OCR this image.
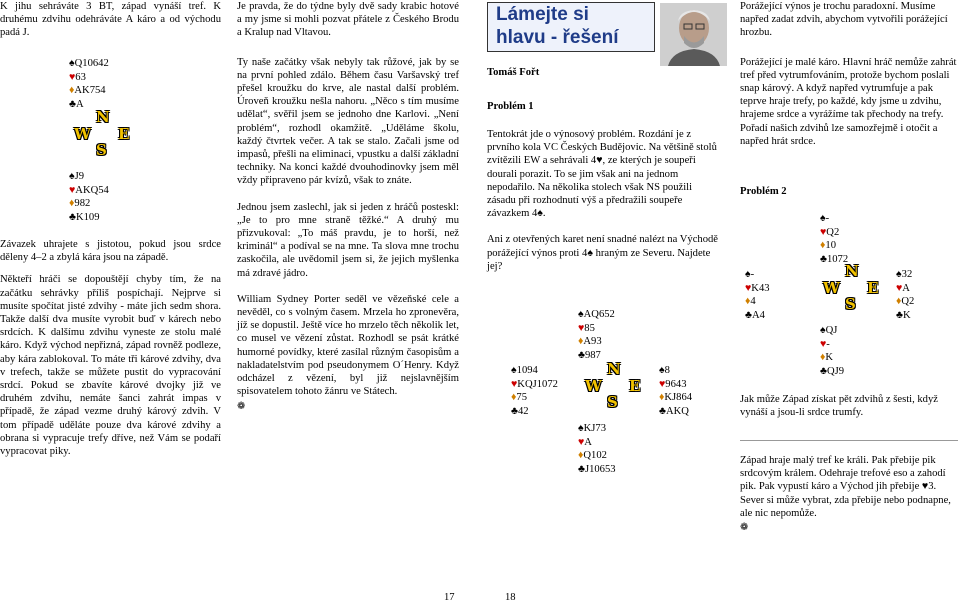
K jihu sehráváte 3 BT, západ vynáší tref. K druhému zdvihu odehráváte A káro a od východu padá J.

♠ Q10642
♥ 63
♦ AK754
♣ A
N
W E
S
♠ J9
♥ AKQ54
♦ 982
♣ K109

Závazek uhrajete s jistotou, pokud jsou srdce děleny 4–2 a zbylá kára jsou na západě.

Někteří hráči se dopouštějí chyby tím, že na začátku sehrávky příliš pospíchají. Nejprve si musíte spočítat jisté zdvihy - máte jich sedm shora. Takže další dva musíte vyrobit buď v kárech nebo srdcích. K dalšímu zdvihu vyneste ze stolu malé káro. Když východ nepřizná, západ rovněž podleze, aby kára zablokoval. To máte tři kárové zdvihy, dva v trefech, takže se můžete pustit do vypracování srdcí. Pokud se zbavíte kárové dvojky již ve druhém zdvihu, nemáte šanci zahrát impas v případě, že západ vezme druhý kárový zdvih. V tom případě uděláte pouze dva kárové zdvihy a obrana si vypracuje trefy dříve, než Vám se podaří vypracovat piky.

Je pravda, že do týdne byly dvě sady krabic hotové a my jsme si mohli pozvat přátele z Českého Brodu a Kralup nad Vltavou.

Ty naše začátky však nebyly tak růžové, jak by se na první pohled zdálo. Během času Varšavský tref přešel kroužku do krve, ale nastal další problém. Úroveň kroužku nešla nahoru. „Něco s tím musíme udělat“, svěřil jsem se jednoho dne Karlovi. „Není problém“, rozhodl okamžitě. „Uděláme školu, každý čtvrtek večer. A tak se stalo. Začali jsme od impasů, přešli na eliminaci, vpustku a další základní techniky. Na konci každé dvouhodinovky jsem měl vždy připraveno pár kvízů, však to znáte.

Jednou jsem zaslechl, jak si jeden z hráčů posteskl: „Je to pro mne straně těžké.“ A druhý mu přizvukoval: „To máš pravdu, je to horší, než kriminál“ a podíval se na mne. Ta slova mne trochu zaskočila, ale uvědomil jsem si, že jejich myšlenka má zdravé jádro.

William Sydney Porter seděl ve vězeňské cele a nevěděl, co s volným časem. Mrzela ho zpronevěra, jíž se dopustil. Ještě více ho mrzelo těch několik let, co musel ve vězení zůstat. Rozhodl se psát krátké humorné povídky, které zasílal různým časopisům a nakladatelstvím pod pseudonymem O´Henry. Když odcházel z vězení, byl již nejslavnějším spisovatelem tohoto žánru ve Státech.

❁
Lámejte si
hlavu - řešení
Tomáš Fořt
Problém 1

Tentokrát jde o výnosový problém. Rozdání je z prvního kola VC Českých Budějovic. Na většině stolů zvítězili EW a sehrávali 4♥, ze kterých je soupeři dourali porazit. To se jim však ani na jednom nepodařilo. Na několika stolech však NS použili zásadu při rozhodnutí výš a předražili soupeře závazkem 4♠.

Ani z otevřených karet není snadné nalézt na Východě porážející výnos proti 4♠ hraným ze Severu. Najdete jej?

♠ AQ652
♥ 85
♦ A93
♣ 987
♠ 1094
♥ KQJ1072
♦ 75
♣ 42
N
W E
S
♠ 8
♥ 9643
♦ KJ864
♣ AKQ
♠ KJ73
♥ A
♦ Q102
♣ J10653

Porážející výnos je trochu paradoxní. Musíme napřed zadat zdvih, abychom vytvořili porážející hrozbu.

Porážející je malé káro. Hlavní hráč nemůže zahrát tref před vytrumfováním, protože bychom poslali snap kárový. A když napřed vytrumfuje a pak teprve hraje trefy, po každé, kdy jsme u zdvihu, hrajeme srdce a vyrážíme tak přechody na trefy. Pořadí našich zdvihů lze samozřejmě i otočit a napřed hrát srdce.

Problém 2
♠ -
♥ Q2
♦ 10
♣ 1072
♠ -
♥ K43
♦ 4
♣ A4
N
W E
S
♠ 32
♥ A
♦ Q2
♣ K
♠ QJ
♥ -
♦ K
♣ QJ9

Jak může Západ získat pět zdvihů z šesti, když vynáší a jsou-li srdce trumfy.

Západ hraje malý tref ke králi. Pak přebije pik srdcovým králem. Odehraje trefové eso a zahodí pik. Pak vypustí káro a Východ jih přebije ♥3. Sever si může vybrat, zda přebije nebo podnapne, ale nic nepomůže.

❁
17	18
